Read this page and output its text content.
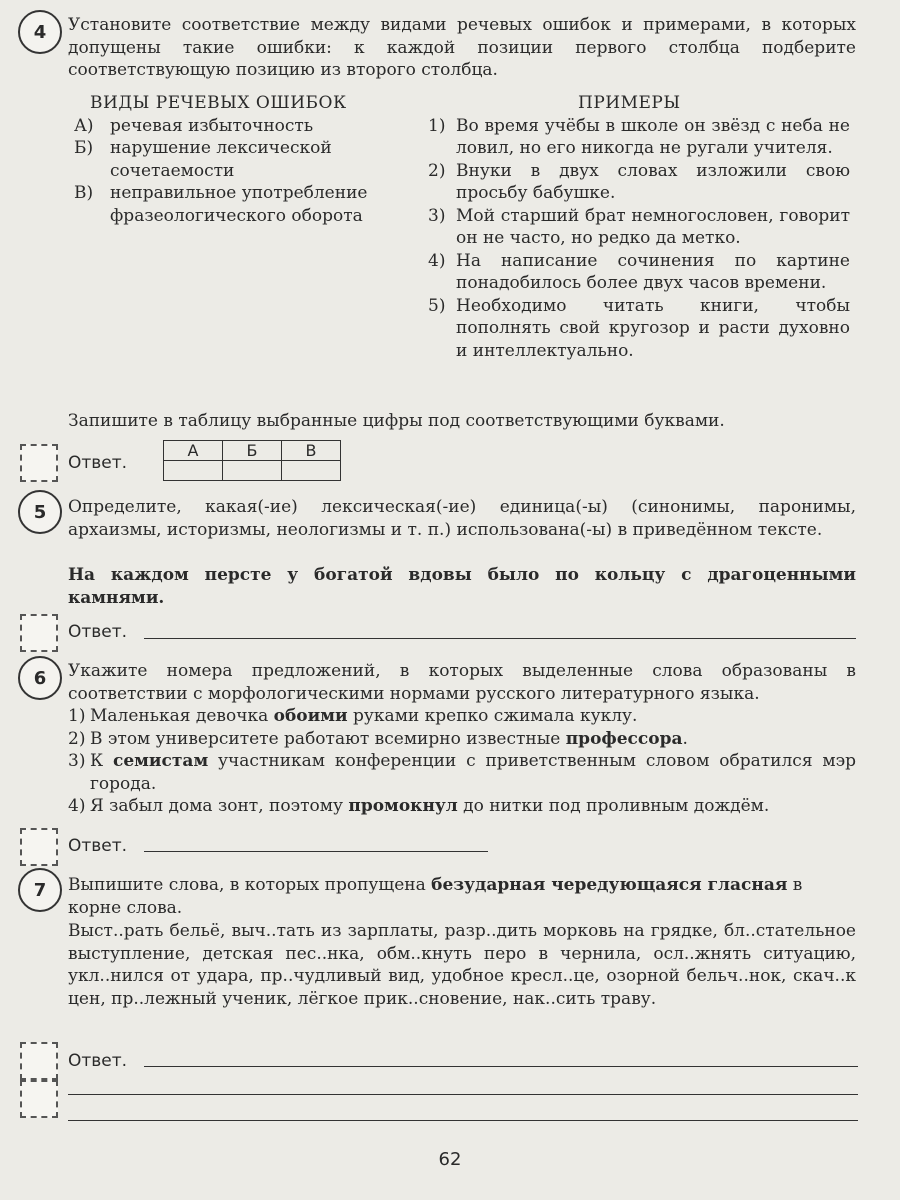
4	Установите соответствие между видами речевых ошибок и примерами, в которых допущены такие ошибки: к каждой позиции первого столбца подберите соответствующую позицию из второго столбца.
ВИДЫ РЕЧЕВЫХ ОШИБОК
А) речевая избыточность
Б) нарушение лексической сочетаемости
В) неправильное употребление фразеологического оборота
ПРИМЕРЫ
1) Во время учёбы в школе он звёзд с неба не ловил, но его никогда не ругали учителя.
2) Внуки в двух словах изложили свою просьбу бабушке.
3) Мой старший брат немногословен, говорит он не часто, но редко да метко.
4) На написание сочинения по картине понадобилось более двух часов времени.
5) Необходимо читать книги, чтобы пополнять свой кругозор и расти духовно и интеллектуально.
Запишите в таблицу выбранные цифры под соответствующими буквами.
Ответ.
А	Б	В

5	Определите, какая(-ие) лексическая(-ие) единица(-ы) (синонимы, паронимы, архаизмы, историзмы, неологизмы и т. п.) использована(-ы) в приведённом тексте.
На каждом персте у богатой вдовы было по кольцу с драгоценными камнями.
Ответ.
6	Укажите номера предложений, в которых выделенные слова образованы в соответствии с морфологическими нормами русского литературного языка.
1) Маленькая девочка обоими руками крепко сжимала куклу.
2) В этом университете работают всемирно известные профессора.
3) К семистам участникам конференции с приветственным словом обратился мэр города.
4) Я забыл дома зонт, поэтому промокнул до нитки под проливным дождём.
Ответ.
7	Выпишите слова, в которых пропущена безударная чередующаяся гласная в корне слова.
Выст..рать бельё, выч..тать из зарплаты, разр..дить морковь на грядке, бл..стательное выступление, детская пес..нка, обм..кнуть перо в чернила, осл..жнять ситуацию, укл..нился от удара, пр..чудливый вид, удобное кресл..це, озорной бельч..нок, скач..к цен, пр..лежный ученик, лёгкое прик..сновение, нак..сить траву.
Ответ.
62
